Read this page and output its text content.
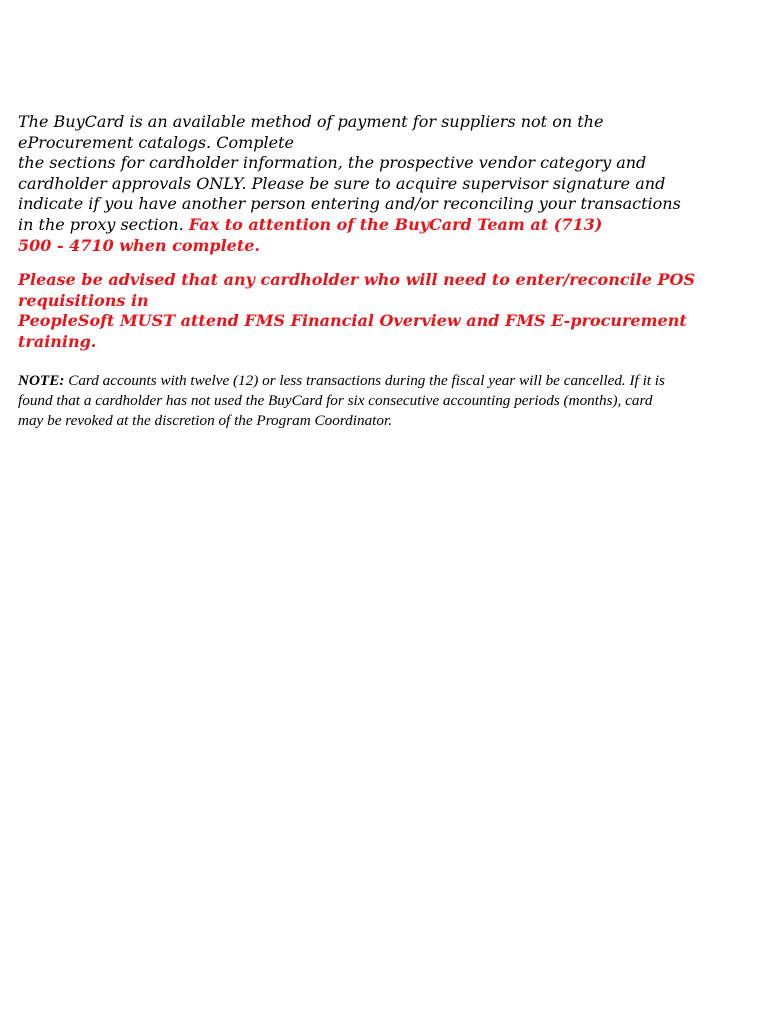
The BuyCard is an available method of payment for suppliers not on the
eProcurement catalogs. Complete
the sections for cardholder information, the prospective vendor category and
cardholder approvals ONLY. Please be sure to acquire supervisor signature and
indicate if you have another person entering and/or reconciling your transactions
in the proxy section. Fax to attention of the BuyCard Team at (713)
500 - 4710 when complete.

Please be advised that any cardholder who will need to enter/reconcile POS
requisitions in
PeopleSoft MUST attend FMS Financial Overview and FMS E-procurement
training.

NOTE: Card accounts with twelve (12) or less transactions during the fiscal year will be cancelled. If it is
found that a cardholder has not used the BuyCard for six consecutive accounting periods (months), card
may be revoked at the discretion of the Program Coordinator.
